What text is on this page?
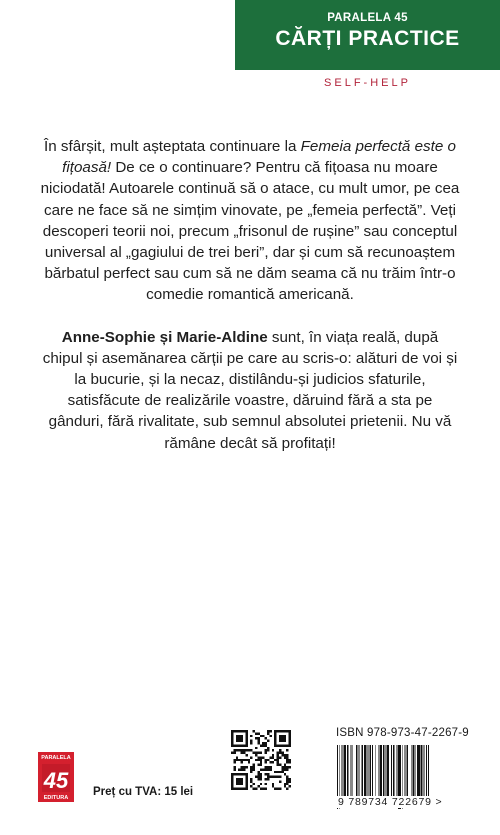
PARALELA 45
CĂRȚI PRACTICE
SELF-HELP

În sfârșit, mult așteptata continuare la Femeia perfectă este o fițoasă! De ce o continuare? Pentru că fițoasa nu moare niciodată! Autoarele continuă să o atace, cu mult umor, pe cea care ne face să ne simțim vinovate, pe „femeia perfectă”. Veți descoperi teorii noi, precum „frisonul de rușine” sau conceptul universal al „gagiului de trei beri”, dar și cum să recunoaștem bărbatul perfect sau cum să ne dăm seama că nu trăim într-o comedie romantică americană.

Anne-Sophie și Marie-Aldine sunt, în viața reală, după chipul și asemănarea cărții pe care au scris-o: alături de voi și la bucurie, și la necaz, distilându-și judicios sfaturile, satisfăcute de realizările voastre, dăruind fără a sta pe gânduri, fără rivalitate, sub semnul absolutei prietenii. Nu vă rămâne decât să profitați!

PARALELA
45
EDITURA Preț cu TVA: 15 lei
ISBN 978-973-47-2267-9
9 789734 722679 >
